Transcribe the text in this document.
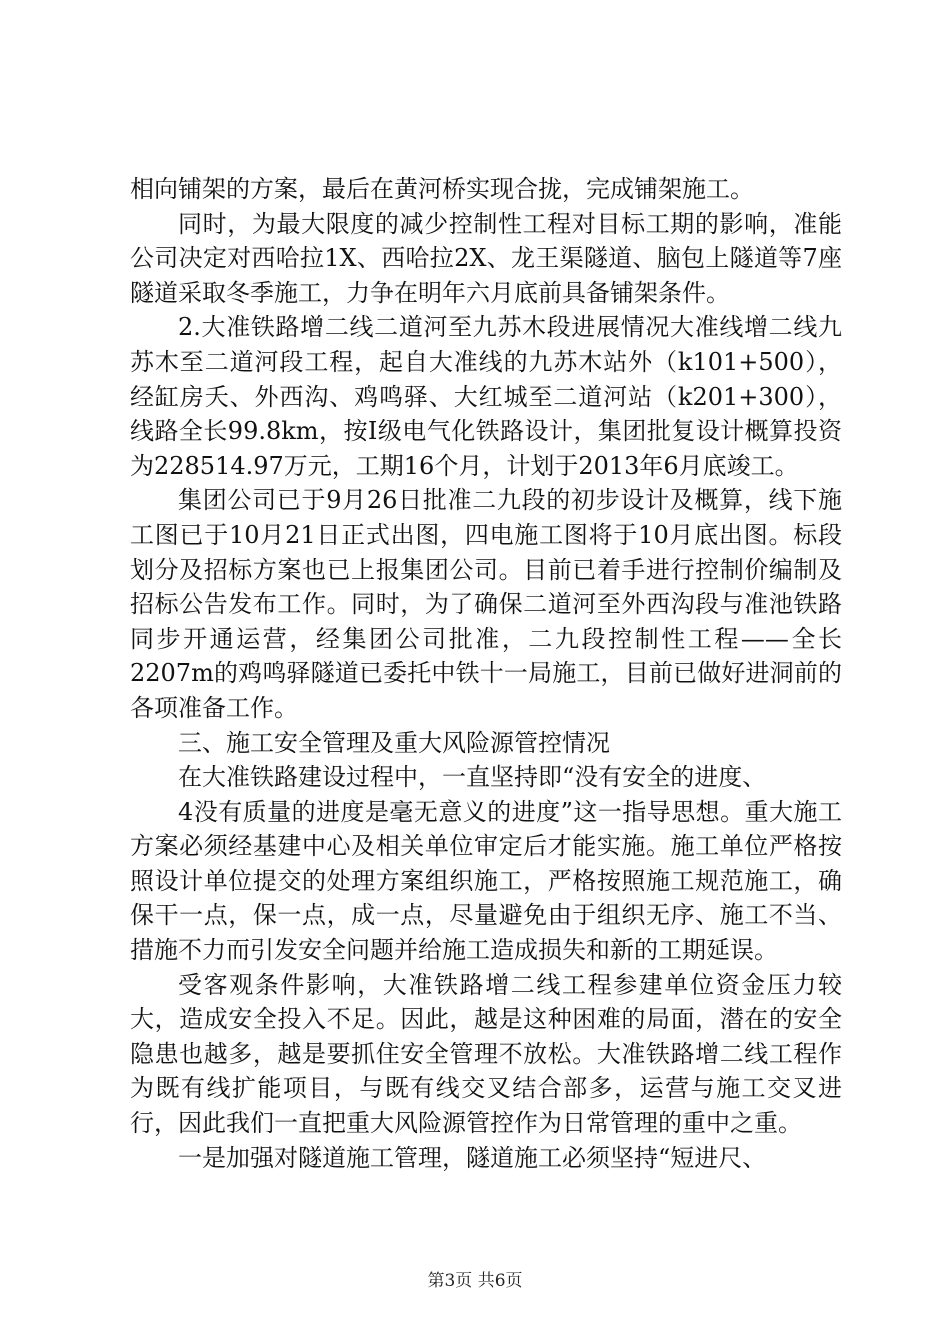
相向铺架的方案，最后在黄河桥实现合拢，完成铺架施工。

同时，为最大限度的减少控制性工程对目标工期的影响，准能公司决定对西哈拉1X、西哈拉2X、龙王渠隧道、脑包上隧道等7座隧道采取冬季施工，力争在明年六月底前具备铺架条件。

2.大准铁路增二线二道河至九苏木段进展情况大准线增二线九苏木至二道河段工程，起自大准线的九苏木站外（k101+500），经缸房夭、外西沟、鸡鸣驿、大红城至二道河站（k201+300），线路全长99.8km，按Ⅰ级电气化铁路设计，集团批复设计概算投资为228514.97万元，工期16个月，计划于2013年6月底竣工。

集团公司已于9月26日批准二九段的初步设计及概算，线下施工图已于10月21日正式出图，四电施工图将于10月底出图。标段划分及招标方案也已上报集团公司。目前已着手进行控制价编制及招标公告发布工作。同时，为了确保二道河至外西沟段与准池铁路同步开通运营，经集团公司批准，二九段控制性工程——全长2207m的鸡鸣驿隧道已委托中铁十一局施工，目前已做好进洞前的各项准备工作。

三、施工安全管理及重大风险源管控情况

在大准铁路建设过程中，一直坚持即“没有安全的进度、

4没有质量的进度是毫无意义的进度”这一指导思想。重大施工方案必须经基建中心及相关单位审定后才能实施。施工单位严格按照设计单位提交的处理方案组织施工，严格按照施工规范施工，确保干一点，保一点，成一点，尽量避免由于组织无序、施工不当、措施不力而引发安全问题并给施工造成损失和新的工期延误。

受客观条件影响，大准铁路增二线工程参建单位资金压力较大，造成安全投入不足。因此，越是这种困难的局面，潜在的安全隐患也越多，越是要抓住安全管理不放松。大准铁路增二线工程作为既有线扩能项目，与既有线交叉结合部多，运营与施工交叉进行，因此我们一直把重大风险源管控作为日常管理的重中之重。

一是加强对隧道施工管理，隧道施工必须坚持“短进尺、

第3页 共6页
